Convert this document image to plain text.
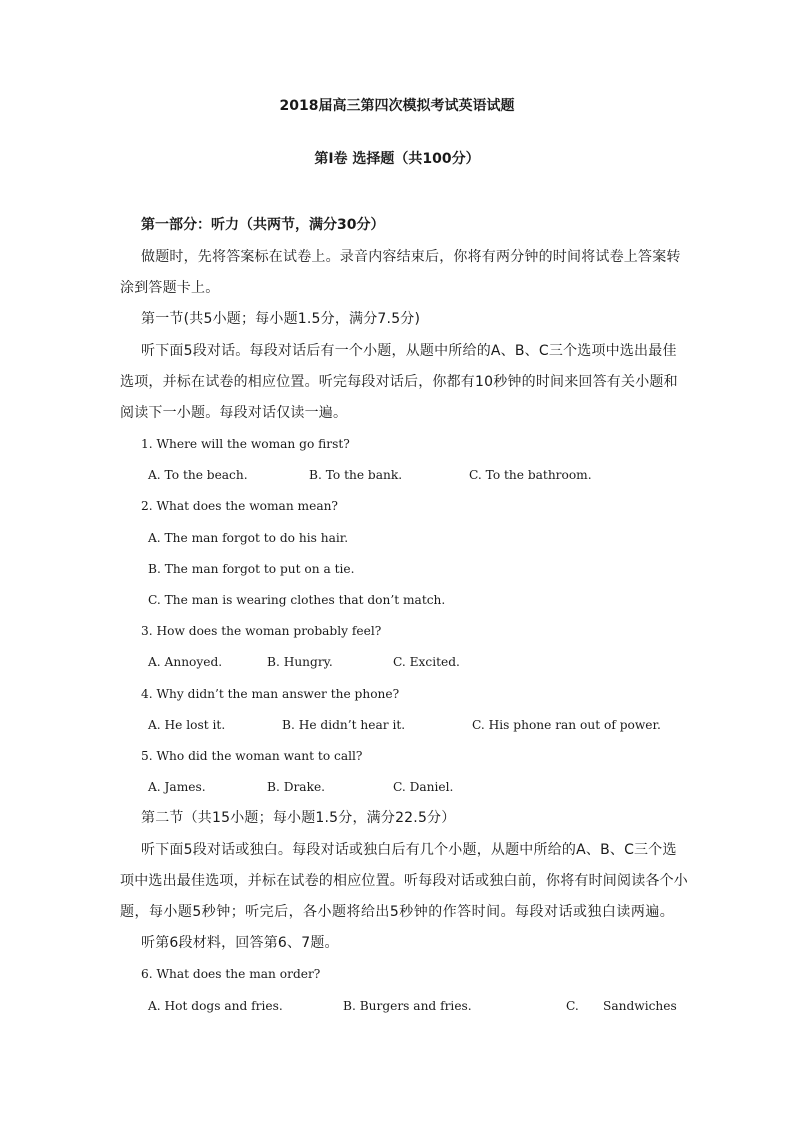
2018届高三第四次模拟考试英语试题
第Ⅰ卷 选择题（共100分）
第一部分：听力（共两节，满分30分）
做题时，先将答案标在试卷上。录音内容结束后，你将有两分钟的时间将试卷上答案转
涂到答题卡上。
第一节(共5小题；每小题1.5分，满分7.5分)
听下面5段对话。每段对话后有一个小题，从题中所给的A、B、C三个选项中选出最佳
选项，并标在试卷的相应位置。听完每段对话后，你都有10秒钟的时间来回答有关小题和
阅读下一小题。每段对话仅读一遍。
1. Where will the woman go first?
A. To the beach.	B. To the bank.	C. To the bathroom.
2. What does the woman mean?
A. The man forgot to do his hair.
B. The man forgot to put on a tie.
C. The man is wearing clothes that don’t match.
3. How does the woman probably feel?
A. Annoyed.	B. Hungry.	C. Excited.
4. Why didn’t the man answer the phone?
A. He lost it.	B. He didn’t hear it.	C. His phone ran out of power.
5. Who did the woman want to call?
A. James.	B. Drake.	C. Daniel.
第二节（共15小题；每小题1.5分，满分22.5分）
听下面5段对话或独白。每段对话或独白后有几个小题，从题中所给的A、B、C三个选
项中选出最佳选项，并标在试卷的相应位置。听每段对话或独白前，你将有时间阅读各个小
题，每小题5秒钟；听完后，各小题将给出5秒钟的作答时间。每段对话或独白读两遍。
听第6段材料，回答第6、7题。
6. What does the man order?
A. Hot dogs and fries.	B. Burgers and fries.	C. Sandwiches
